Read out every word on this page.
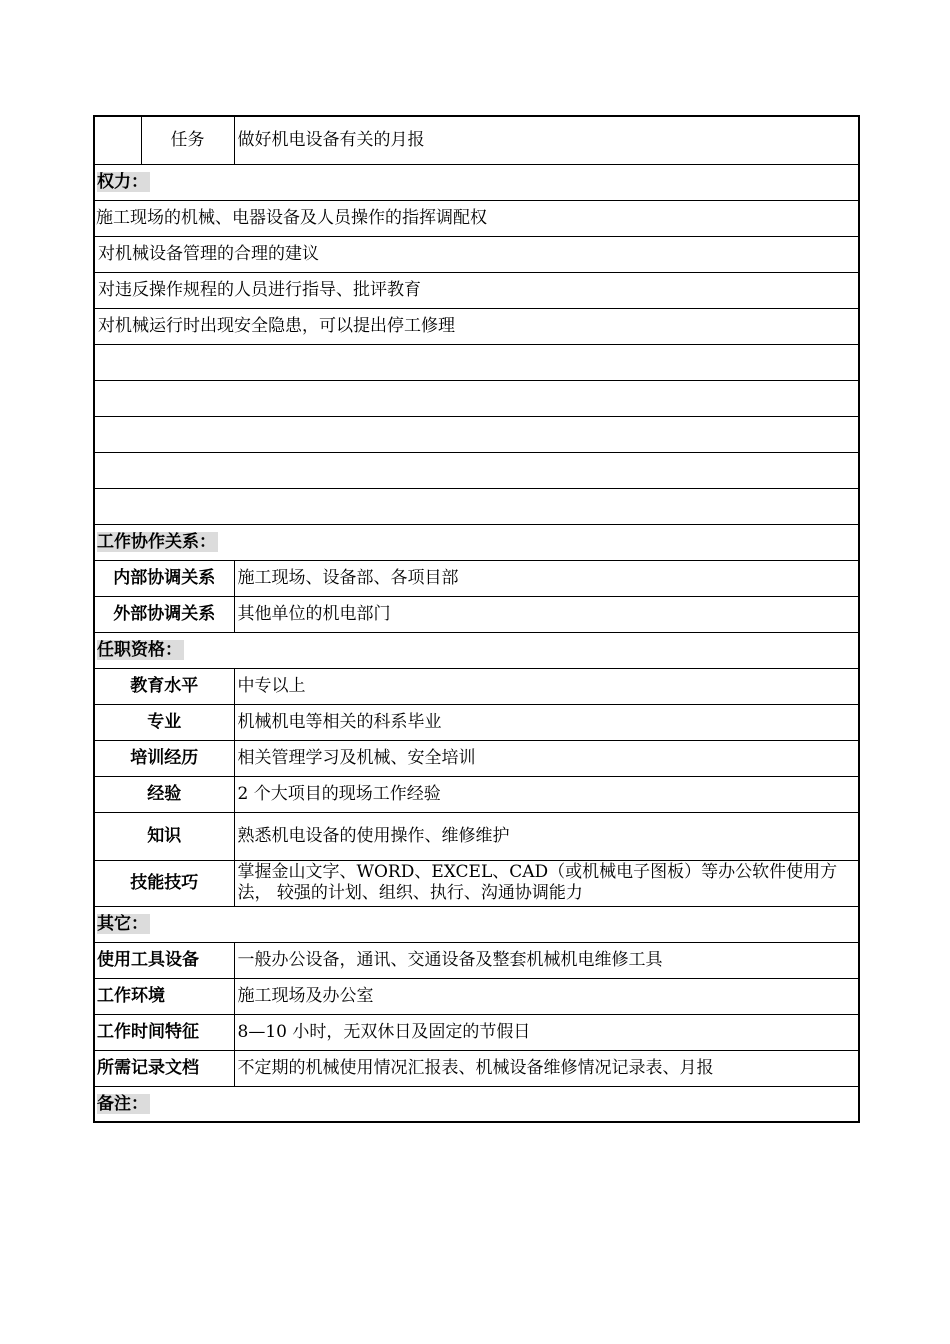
	任务	做好机电设备有关的月报
权力：		
施工现场的机械、电器设备及人员操作的指挥调配权		
对机械设备管理的合理的建议		
对违反操作规程的人员进行指导、批评教育		
对机械运行时出现安全隐患，可以提出停工修理		

工作协作关系：		
内部协调关系		施工现场、设备部、各项目部
外部协调关系		其他单位的机电部门
任职资格：		
教育水平		中专以上
专业		机械机电等相关的科系毕业
培训经历		相关管理学习及机械、安全培训
经验		2 个大项目的现场工作经验
知识		熟悉机电设备的使用操作、维修维护
技能技巧		掌握金山文字、WORD、EXCEL、CAD（或机械电子图板）等办公软件使用方法， 较强的计划、组织、执行、沟通协调能力
其它：		
使用工具设备		一般办公设备，通讯、交通设备及整套机械机电维修工具
工作环境		施工现场及办公室
工作时间特征		8—10 小时，无双休日及固定的节假日
所需记录文档		不定期的机械使用情况汇报表、机械设备维修情况记录表、月报
备注：		
